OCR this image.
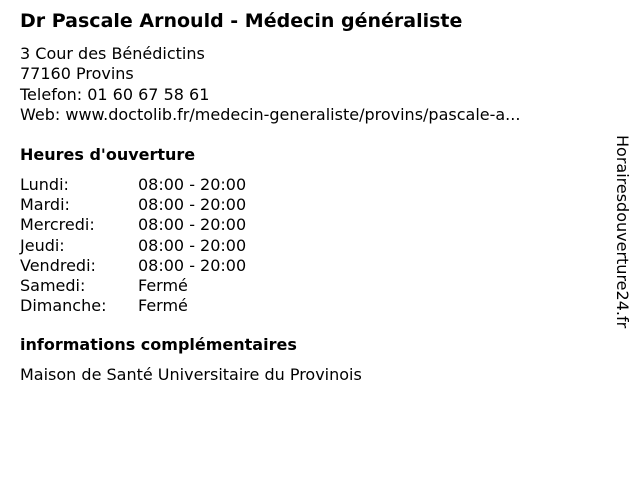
Dr Pascale Arnould - Médecin généraliste
3 Cour des Bénédictins
77160 Provins
Telefon: 01 60 67 58 61
Web: www.doctolib.fr/medecin-generaliste/provins/pascale-a...
Heures d'ouverture
Lundi:	08:00 - 20:00
Mardi:	08:00 - 20:00
Mercredi:	08:00 - 20:00
Jeudi:	08:00 - 20:00
Vendredi:	08:00 - 20:00
Samedi:	Fermé
Dimanche:	Fermé
informations complémentaires
Maison de Santé Universitaire du Provinois
Horairesdouverture24.fr
